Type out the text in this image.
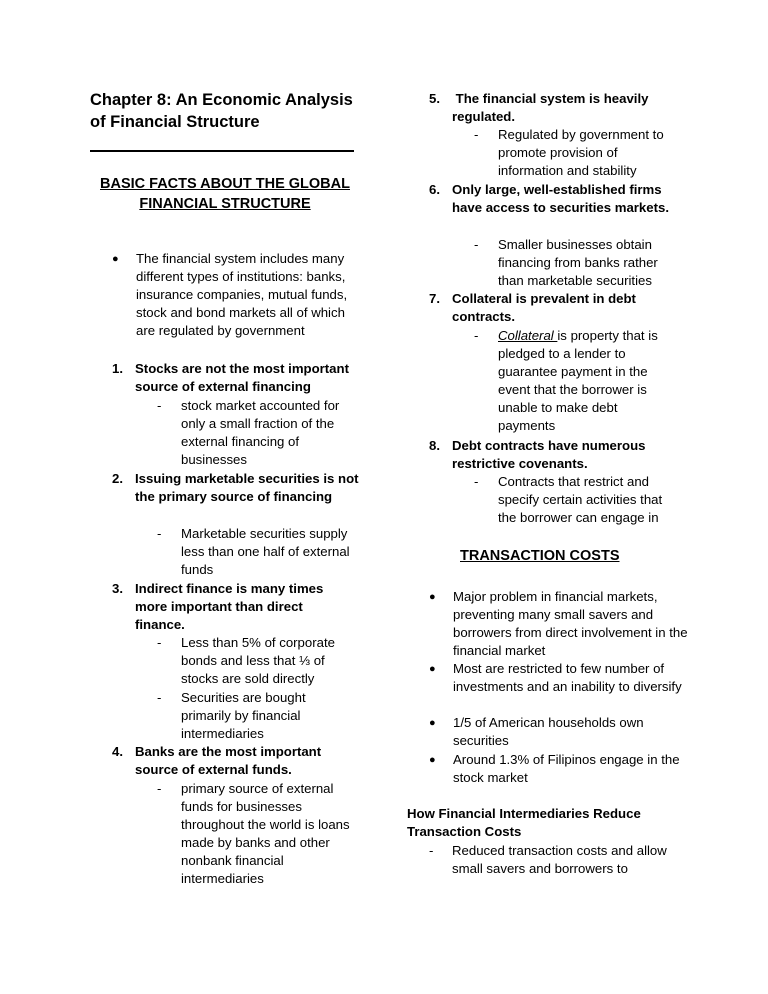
Chapter 8: An Economic Analysis of Financial Structure
BASIC FACTS ABOUT THE GLOBAL FINANCIAL STRUCTURE
● The financial system includes many different types of institutions: banks, insurance companies, mutual funds, stock and bond markets all of which are regulated by government
1. Stocks are not the most important source of external financing
- stock market accounted for only a small fraction of the external financing of businesses
2. Issuing marketable securities is not the primary source of financing
- Marketable securities supply less than one half of external funds
3. Indirect finance is many times more important than direct finance.
- Less than 5% of corporate bonds and less that ⅓ of stocks are sold directly
- Securities are bought primarily by financial intermediaries
4. Banks are the most important source of external funds.
- primary source of external funds for businesses throughout the world is loans made by banks and other nonbank financial intermediaries
5. The financial system is heavily regulated.
- Regulated by government to promote provision of information and stability
6. Only large, well-established firms have access to securities markets.
- Smaller businesses obtain financing from banks rather than marketable securities
7. Collateral is prevalent in debt contracts.
- Collateral is property that is pledged to a lender to guarantee payment in the event that the borrower is unable to make debt payments
8. Debt contracts have numerous restrictive covenants.
- Contracts that restrict and specify certain activities that the borrower can engage in
TRANSACTION COSTS
● Major problem in financial markets, preventing many small savers and borrowers from direct involvement in the financial market
● Most are restricted to few number of investments and an inability to diversify
● 1/5 of American households own securities
● Around 1.3% of Filipinos engage in the stock market
How Financial Intermediaries Reduce Transaction Costs
- Reduced transaction costs and allow small savers and borrowers to
